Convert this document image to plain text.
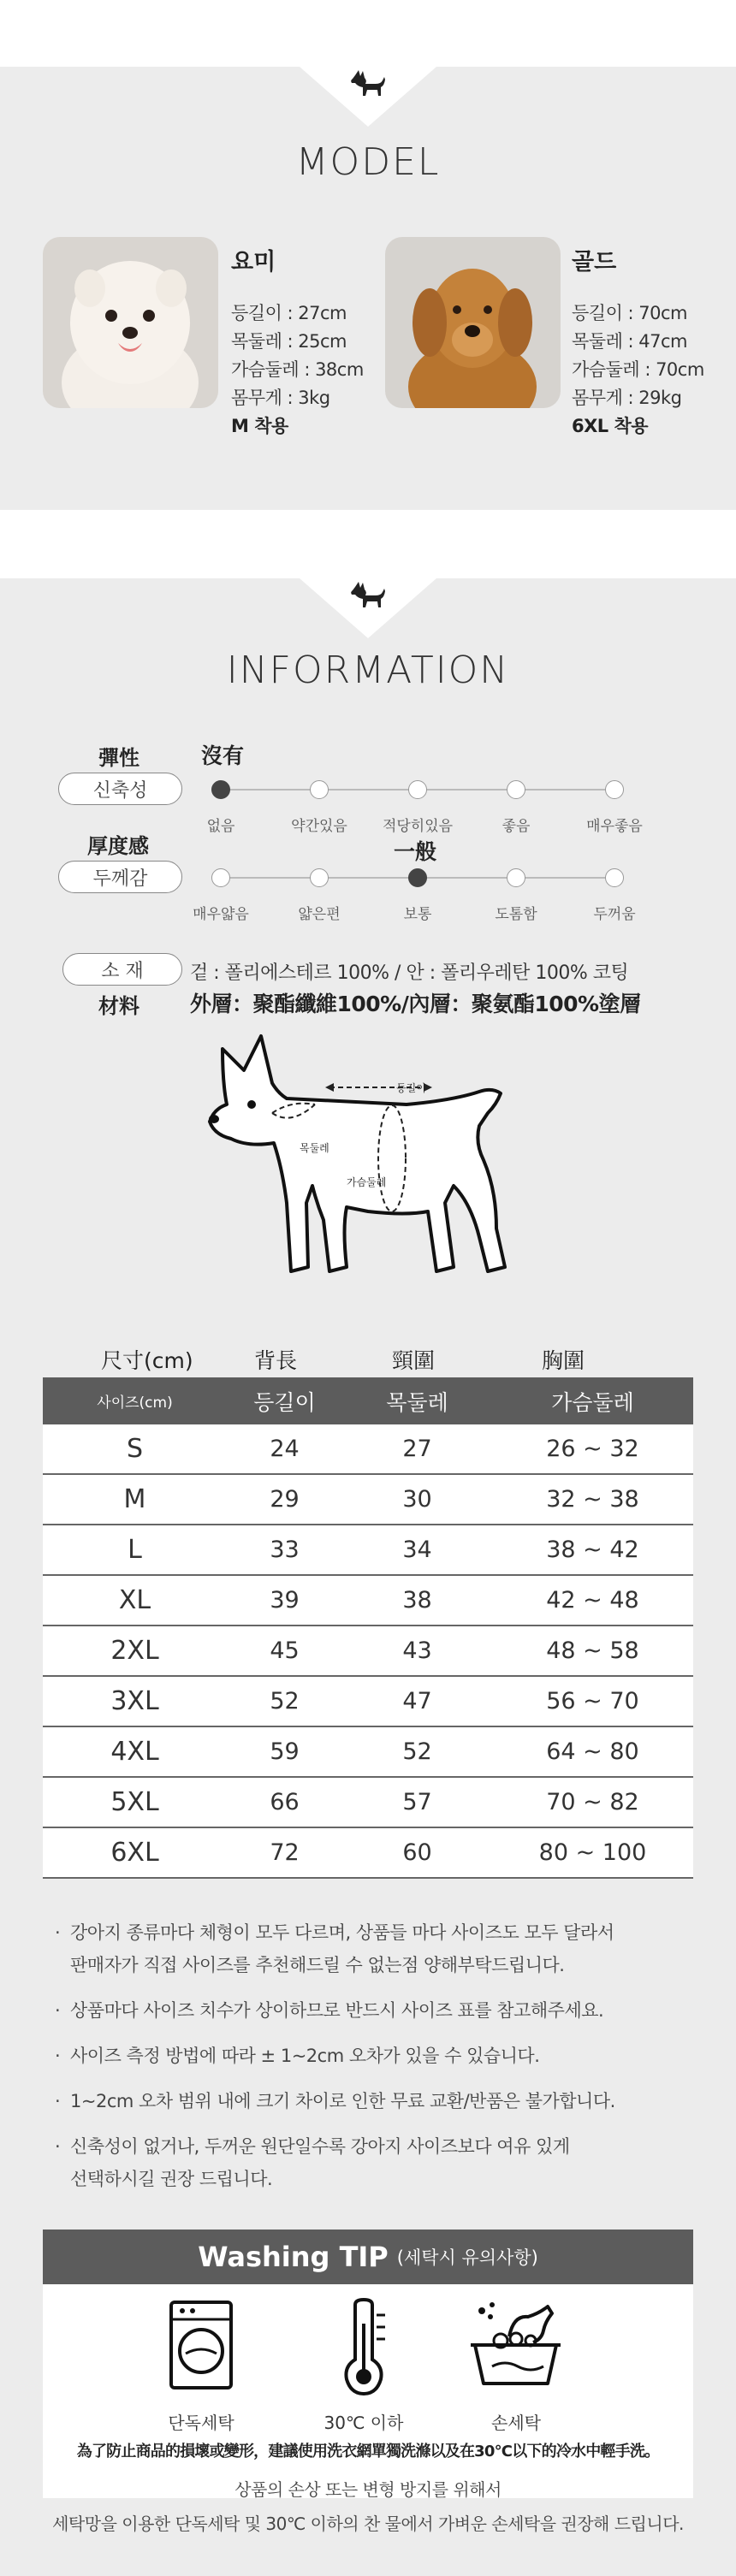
MODEL
요미
등길이 : 27cm
목둘레 : 25cm
가슴둘레 : 38cm
몸무게 : 3kg
M 착용
골드
등길이 : 70cm
목둘레 : 47cm
가슴둘레 : 70cm
몸무게 : 29kg
6XL 착용
INFORMATION
彈性
신축성
沒有
없음	약간있음	적당히있음	좋음	매우좋음
厚度感
두께감
一般
매우얇음	얇은편	보통	도톰함	두꺼움
소 재	겉 : 폴리에스테르 100% / 안 : 폴리우레탄 100% 코팅
材料 外層：聚酯纖維100%/內層：聚氨酯100%塗層
등길이
목둘레
가슴둘레
尺寸(cm)	背長	頸圍	胸圍
사이즈(cm)	등길이	목둘레	가슴둘레
S	24	27	26 ~ 32
M	29	30	32 ~ 38
L	33	34	38 ~ 42
XL	39	38	42 ~ 48
2XL	45	43	48 ~ 58
3XL	52	47	56 ~ 70
4XL	59	52	64 ~ 80
5XL	66	57	70 ~ 82
6XL	72	60	80 ~ 100
· 강아지 종류마다 체형이 모두 다르며, 상품들 마다 사이즈도 모두 달라서
판매자가 직접 사이즈를 추천해드릴 수 없는점 양해부탁드립니다.
· 상품마다 사이즈 치수가 상이하므로 반드시 사이즈 표를 참고해주세요.
· 사이즈 측정 방법에 따라 ± 1~2cm 오차가 있을 수 있습니다.
· 1~2cm 오차 범위 내에 크기 차이로 인한 무료 교환/반품은 불가합니다.
· 신축성이 없거나, 두꺼운 원단일수록 강아지 사이즈보다 여유 있게
선택하시길 권장 드립니다.
Washing TIP (세탁시 유의사항)
단독세탁	30℃ 이하	손세탁
為了防止商品的損壞或變形，建議使用洗衣網單獨洗滌以及在30°C以下的冷水中輕手洗。
상품의 손상 또는 변형 방지를 위해서
세탁망을 이용한 단독세탁 및 30℃ 이하의 찬 물에서 가벼운 손세탁을 권장해 드립니다.
